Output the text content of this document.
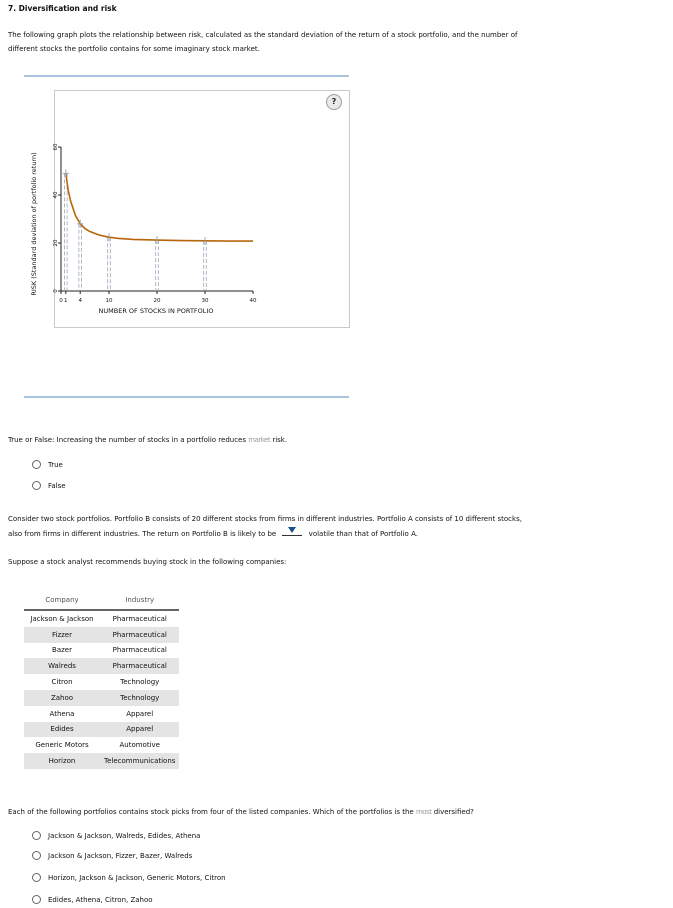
7. Diversification and risk
The following graph plots the relationship between risk, calculated as the standard deviation of the return of a stock portfolio, and the number of
different stocks the portfolio contains for some imaginary stock market.
?
RISK (Standard deviation of portfolio return)
NUMBER OF STOCKS IN PORTFOLIO
0
20
40
60
0 1 4	10	20	30	40
True or False: Increasing the number of stocks in a portfolio reduces market risk.
True
False
Consider two stock portfolios. Portfolio B consists of 20 different stocks from firms in different industries. Portfolio A consists of 10 different stocks,
also from firms in different industries. The return on Portfolio B is likely to be	volatile than that of Portfolio A.
Suppose a stock analyst recommends buying stock in the following companies:
Company	Industry
Jackson & Jackson	Pharmaceutical
Fizzer	Pharmaceutical
Bazer	Pharmaceutical
Walreds	Pharmaceutical
Citron	Technology
Zahoo	Technology
Athena	Apparel
Edides	Apparel
Generic Motors	Automotive
Horizon	Telecommunications
Each of the following portfolios contains stock picks from four of the listed companies. Which of the portfolios is the most diversified?
Jackson & Jackson, Walreds, Edides, Athena
Jackson & Jackson, Fizzer, Bazer, Walreds
Horizon, Jackson & Jackson, Generic Motors, Citron
Edides, Athena, Citron, Zahoo
